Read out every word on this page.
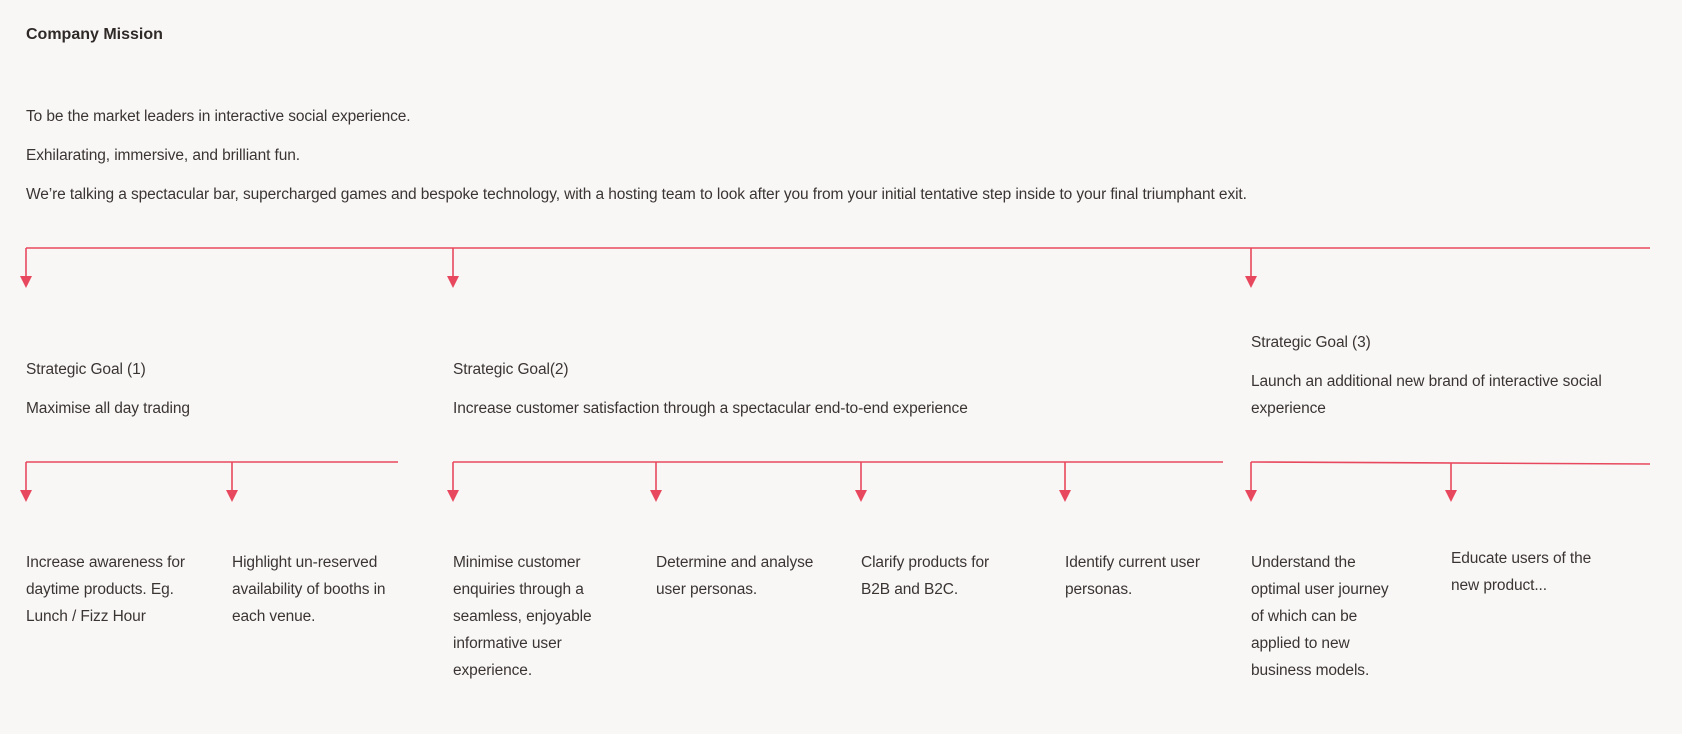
Company Mission

To be the market leaders in interactive social experience.

Exhilarating, immersive, and brilliant fun.

We’re talking a spectacular bar, supercharged games and bespoke technology, with a hosting team to look after you from your initial tentative step inside to your final triumphant exit.

Strategic Goal (1)

Maximise all day trading

Strategic Goal(2)

Increase customer satisfaction through a spectacular end-to-end experience

Strategic Goal (3)

Launch an additional new brand of interactive social experience

Increase awareness for daytime products. Eg. Lunch / Fizz Hour

Highlight un-reserved availability of booths in each venue.

Minimise customer enquiries through a seamless, enjoyable informative user experience.

Determine and analyse user personas.

Clarify products for B2B and B2C.

Identify current user personas.

Understand the optimal user journey of which can be applied to new business models.

Educate users of the new product...
